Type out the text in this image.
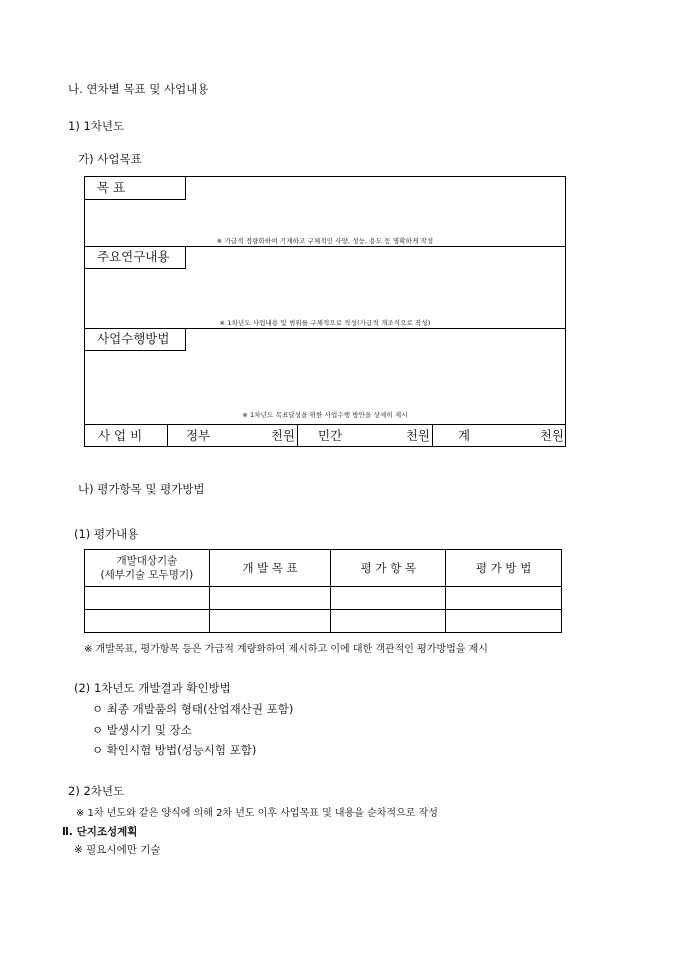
나. 연차별 목표 및 사업내용
1) 1차년도
가) 사업목표
목 표
※ 가급적 정량화하여 기재하고 구체적인 사양, 성능, 용도 등 명확하게 작성
주요연구내용
※ 1차년도 사업내용 및 범위를 구체적으로 작성(가급적 개조식으로 작성)
사업수행방법
※ 1차년도 목표달성을 위한 사업수행 방안을 상세히 제시
사 업 비	정부	천원	민간	천원	계	천원
나) 평가항목 및 평가방법
(1) 평가내용
개발대상기술
(세부기술 모두명기)	개 발 목 표	평 가 항 목	평 가 방 법

※ 개발목표, 평가항목 등은 가급적 계량화하여 제시하고 이에 대한 객관적인 평가방법을 제시
(2) 1차년도 개발결과 확인방법
ㅇ 최종 개발품의 형태(산업재산권 포함)
ㅇ 발생시기 및 장소
ㅇ 확인시험 방법(성능시험 포함)
2) 2차년도
※ 1차 년도와 같은 양식에 의해 2차 년도 이후 사업목표 및 내용을 순차적으로 작성
Ⅱ. 단지조성계획
※ 필요시에만 기술
